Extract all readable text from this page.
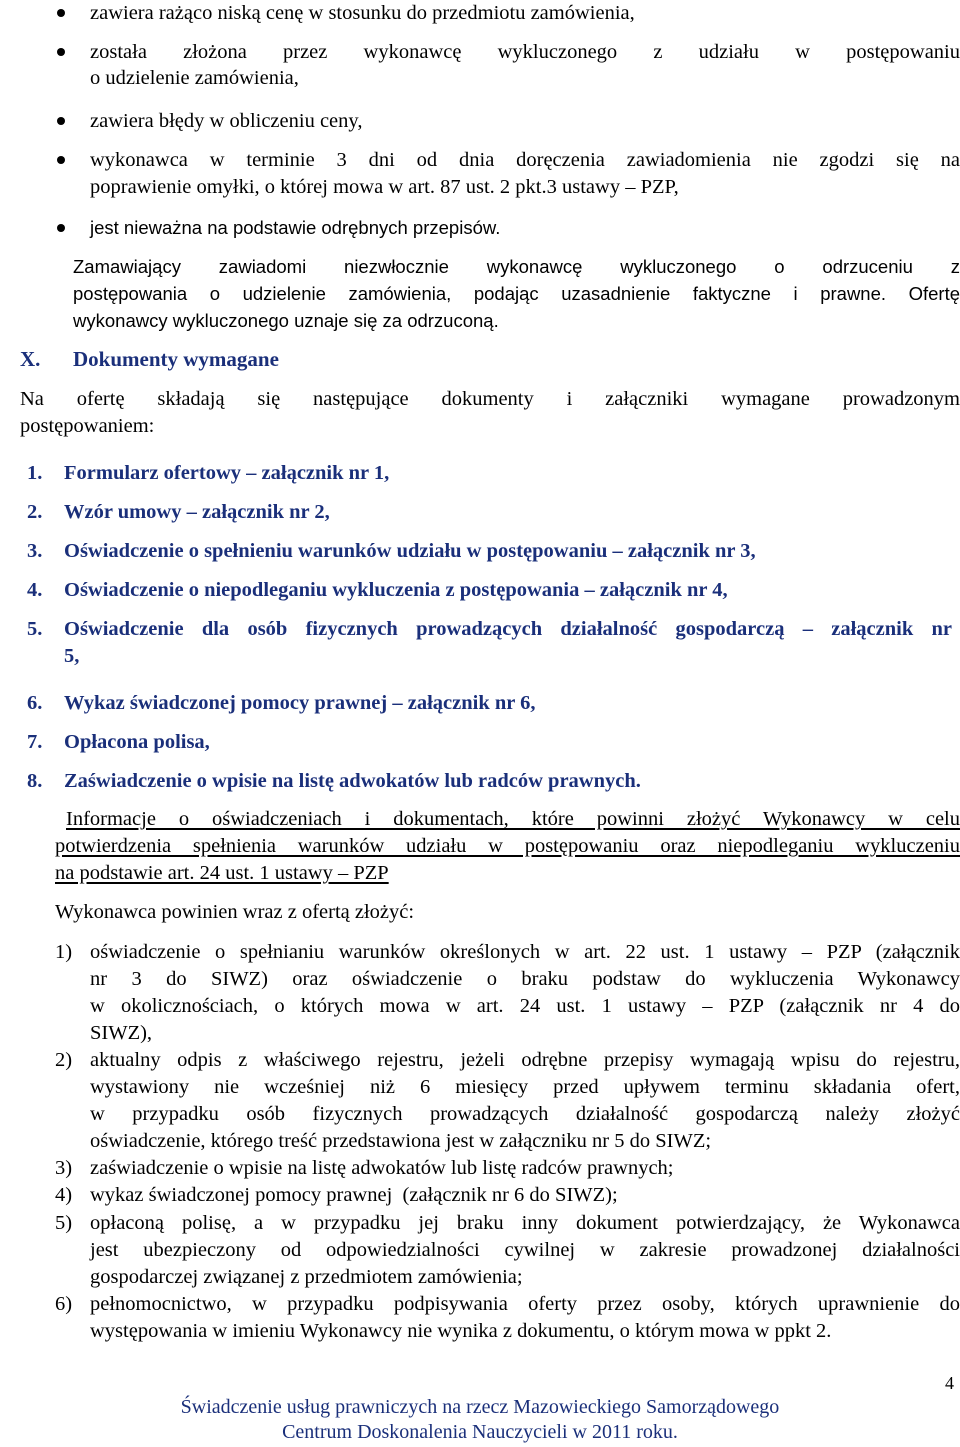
zawiera rażąco niską cenę w stosunku do przedmiotu zamówienia,
została złożona przez wykonawcę wykluczonego z udziału w postępowaniu
o udzielenie zamówienia,
zawiera błędy w obliczeniu ceny,
wykonawca w terminie 3 dni od dnia doręczenia zawiadomienia nie zgodzi się na
poprawienie omyłki, o której mowa w art. 87 ust. 2 pkt.3 ustawy – PZP,
jest nieważna na podstawie odrębnych przepisów.
Zamawiający zawiadomi niezwłocznie wykonawcę wykluczonego o odrzuceniu z
postępowania o udzielenie zamówienia, podając uzasadnienie faktyczne i prawne. Ofertę
wykonawcy wykluczonego uznaje się za odrzuconą.
X. Dokumenty wymagane
Na ofertę składają się następujące dokumenty i załączniki wymagane prowadzonym
postępowaniem:
1. Formularz ofertowy – załącznik nr 1,
2. Wzór umowy – załącznik nr 2,
3. Oświadczenie o spełnieniu warunków udziału w postępowaniu – załącznik nr 3,
4. Oświadczenie o niepodleganiu wykluczenia z postępowania – załącznik nr 4,
5. Oświadczenie dla osób fizycznych prowadzących działalność gospodarczą – załącznik nr
5,
6. Wykaz świadczonej pomocy prawnej – załącznik nr 6,
7. Opłacona polisa,
8. Zaświadczenie o wpisie na listę adwokatów lub radców prawnych.
Informacje o oświadczeniach i dokumentach, które powinni złożyć Wykonawcy w celu
potwierdzenia spełnienia warunków udziału w postępowaniu oraz niepodleganiu wykluczeniu
na podstawie art. 24 ust. 1 ustawy – PZP
Wykonawca powinien wraz z ofertą złożyć:
1) oświadczenie o spełnianiu warunków określonych w art. 22 ust. 1 ustawy – PZP (załącznik
nr 3 do SIWZ) oraz oświadczenie o braku podstaw do wykluczenia Wykonawcy
w okolicznościach, o których mowa w art. 24 ust. 1 ustawy – PZP (załącznik nr 4 do
SIWZ),
2) aktualny odpis z właściwego rejestru, jeżeli odrębne przepisy wymagają wpisu do rejestru,
wystawiony nie wcześniej niż 6 miesięcy przed upływem terminu składania ofert,
w przypadku osób fizycznych prowadzących działalność gospodarczą należy złożyć
oświadczenie, którego treść przedstawiona jest w załączniku nr 5 do SIWZ;
3) zaświadczenie o wpisie na listę adwokatów lub listę radców prawnych;
4) wykaz świadczonej pomocy prawnej  (załącznik nr 6 do SIWZ);
5) opłaconą polisę, a w przypadku jej braku inny dokument potwierdzający, że Wykonawca
jest ubezpieczony od odpowiedzialności cywilnej w zakresie prowadzonej działalności
gospodarczej związanej z przedmiotem zamówienia;
6) pełnomocnictwo, w przypadku podpisywania oferty przez osoby, których uprawnienie do
występowania w imieniu Wykonawcy nie wynika z dokumentu, o którym mowa w ppkt 2.
4
Świadczenie usług prawniczych na rzecz Mazowieckiego Samorządowego
Centrum Doskonalenia Nauczycieli w 2011 roku.
